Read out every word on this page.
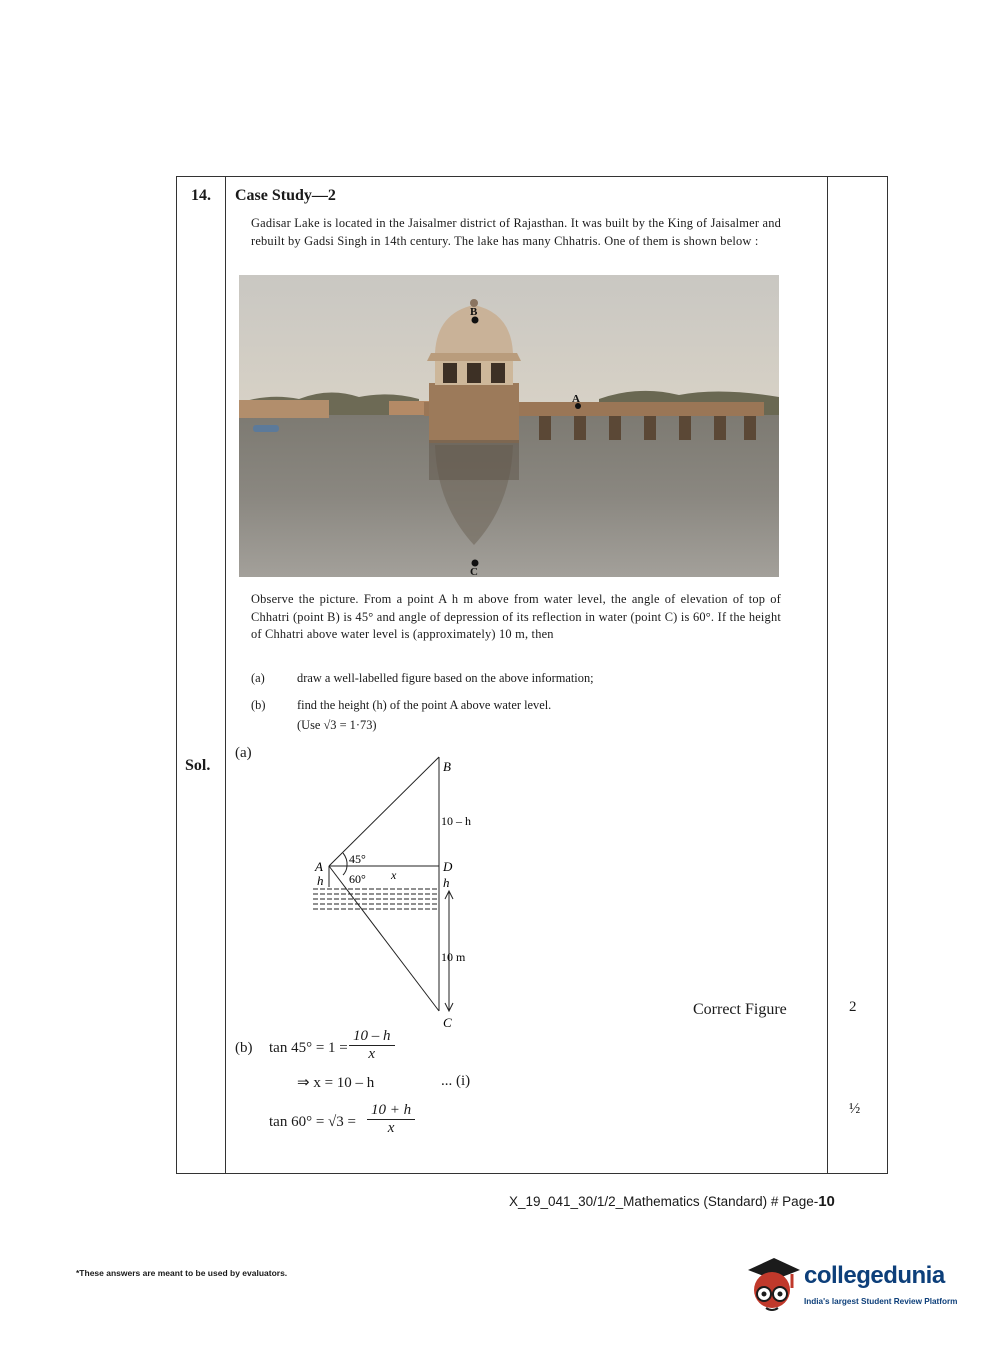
14. Case Study—2
Gadisar Lake is located in the Jaisalmer district of Rajasthan. It was built by the King of Jaisalmer and rebuilt by Gadsi Singh in 14th century. The lake has many Chhatris. One of them is shown below :
B
A
C
Observe the picture. From a point A h m above from water level, the angle of elevation of top of Chhatri (point B) is 45° and angle of depression of its reflection in water (point C) is 60°. If the height of Chhatri above water level is (approximately) 10 m, then
(a)	draw a well-labelled figure based on the above information;
(b)	find the height (h) of the point A above water level.
(Use √3 = 1·73)
Sol.
(a)
B
A	D
C
h	h
45°
60° x
10 – h
10 m
Correct Figure	2
(b) $\tan 45^\circ = 1 = \frac{10 - h}{x}$
⇒ x = 10 – h	... (i)
½
$\tan 60^\circ = √3 = \frac{10 + h}{x}$
X_19_041_30/1/2_Mathematics (Standard) # Page-10
*These answers are meant to be used by evaluators.	collegedunia
India's largest Student Review Platform
